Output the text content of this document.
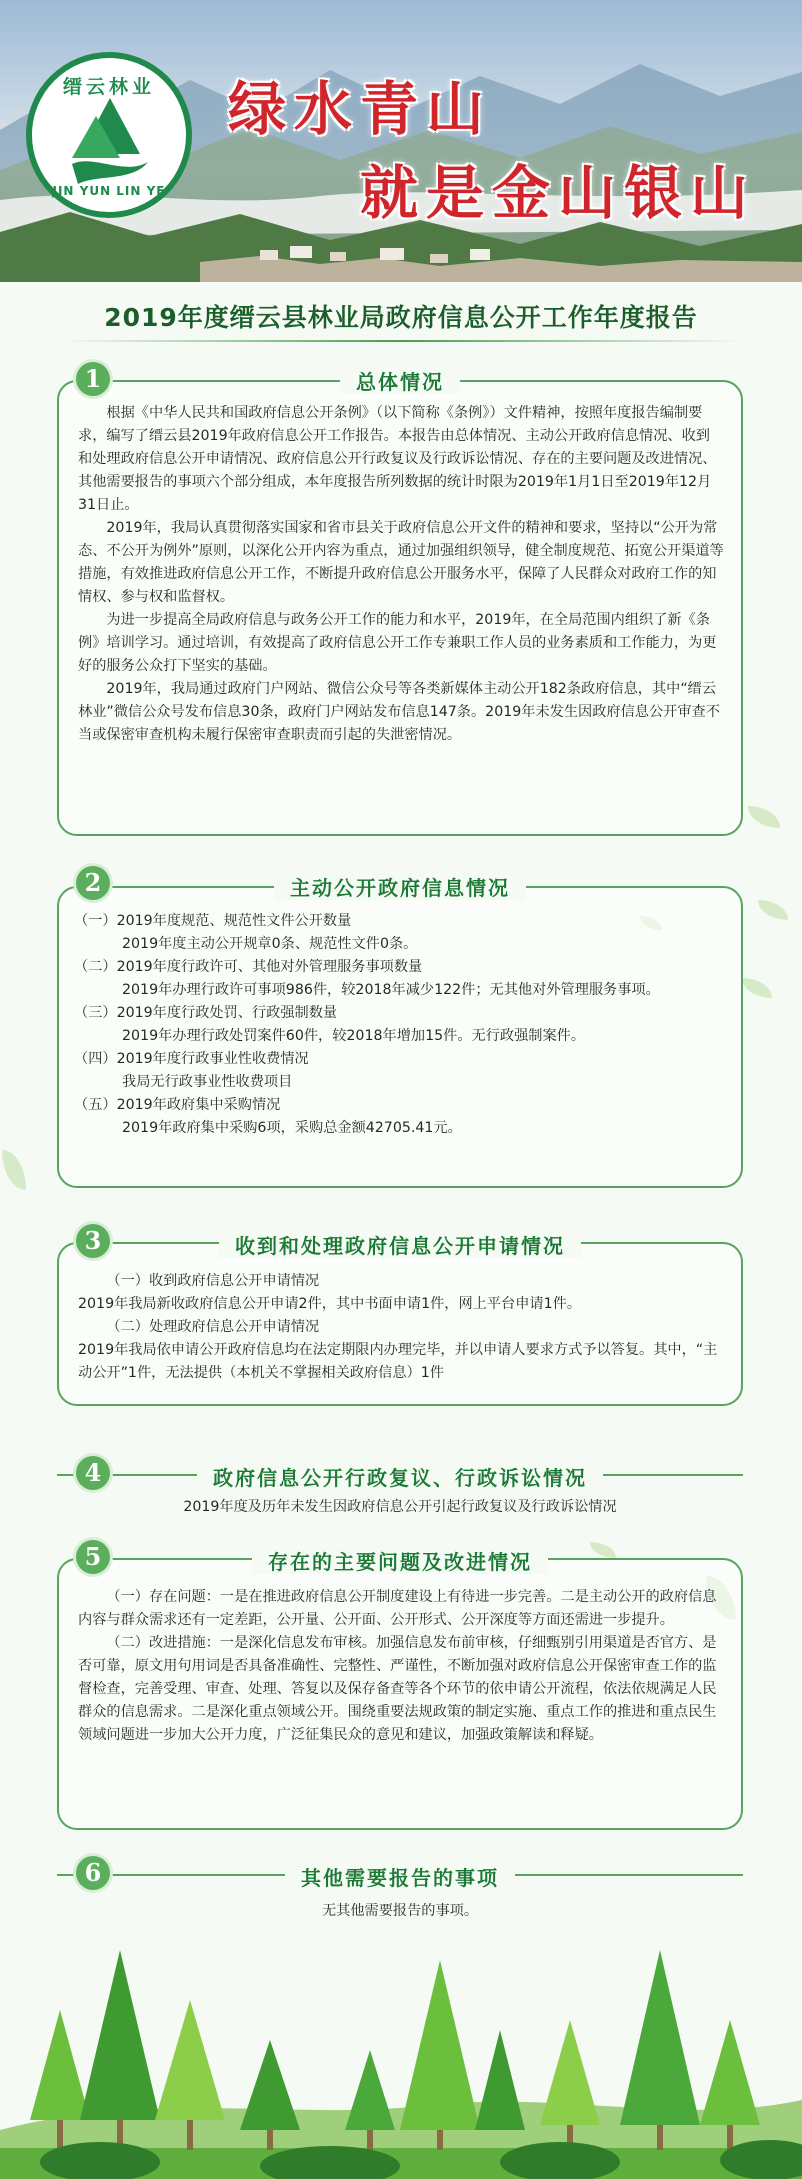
缙云林业
JIN YUN LIN YE
绿水青山
就是金山银山
2019年度缙云县林业局政府信息公开工作年度报告
1	总体情况

根据《中华人民共和国政府信息公开条例》（以下简称《条例》）文件精神，按照年度报告编制要求，编写了缙云县2019年政府信息公开工作报告。本报告由总体情况、主动公开政府信息情况、收到和处理政府信息公开申请情况、政府信息公开行政复议及行政诉讼情况、存在的主要问题及改进情况、其他需要报告的事项六个部分组成，本年度报告所列数据的统计时限为2019年1月1日至2019年12月31日止。

2019年，我局认真贯彻落实国家和省市县关于政府信息公开文件的精神和要求，坚持以“公开为常态、不公开为例外”原则，以深化公开内容为重点，通过加强组织领导，健全制度规范、拓宽公开渠道等措施，有效推进政府信息公开工作，不断提升政府信息公开服务水平，保障了人民群众对政府工作的知情权、参与权和监督权。

为进一步提高全局政府信息与政务公开工作的能力和水平，2019年，在全局范围内组织了新《条例》培训学习。通过培训，有效提高了政府信息公开工作专兼职工作人员的业务素质和工作能力，为更好的服务公众打下坚实的基础。

2019年，我局通过政府门户网站、微信公众号等各类新媒体主动公开182条政府信息，其中“缙云林业”微信公众号发布信息30条，政府门户网站发布信息147条。2019年未发生因政府信息公开审查不当或保密审查机构未履行保密审查职责而引起的失泄密情况。

2	主动公开政府信息情况

（一）2019年度规范、规范性文件公开数量

2019年度主动公开规章0条、规范性文件0条。

（二）2019年度行政许可、其他对外管理服务事项数量

2019年办理行政许可事项986件，较2018年减少122件；无其他对外管理服务事项。

（三）2019年度行政处罚、行政强制数量

2019年办理行政处罚案件60件，较2018年增加15件。无行政强制案件。

（四）2019年度行政事业性收费情况

我局无行政事业性收费项目

（五）2019年政府集中采购情况

2019年政府集中采购6项，采购总金额42705.41元。

3	收到和处理政府信息公开申请情况

（一）收到政府信息公开申请情况

2019年我局新收政府信息公开申请2件，其中书面申请1件，网上平台申请1件。

（二）处理政府信息公开申请情况

2019年我局依申请公开政府信息均在法定期限内办理完毕，并以申请人要求方式予以答复。其中，“主动公开”1件，无法提供（本机关不掌握相关政府信息）1件

4	政府信息公开行政复议、行政诉讼情况
2019年度及历年未发生因政府信息公开引起行政复议及行政诉讼情况
5	存在的主要问题及改进情况

（一）存在问题：一是在推进政府信息公开制度建设上有待进一步完善。二是主动公开的政府信息内容与群众需求还有一定差距，公开量、公开面、公开形式、公开深度等方面还需进一步提升。

（二）改进措施：一是深化信息发布审核。加强信息发布前审核，仔细甄别引用渠道是否官方、是否可靠，原文用句用词是否具备准确性、完整性、严谨性，不断加强对政府信息公开保密审查工作的监督检查，完善受理、审查、处理、答复以及保存备查等各个环节的依申请公开流程，依法依规满足人民群众的信息需求。二是深化重点领域公开。围绕重要法规政策的制定实施、重点工作的推进和重点民生领域问题进一步加大公开力度，广泛征集民众的意见和建议，加强政策解读和释疑。

6	其他需要报告的事项
无其他需要报告的事项。
